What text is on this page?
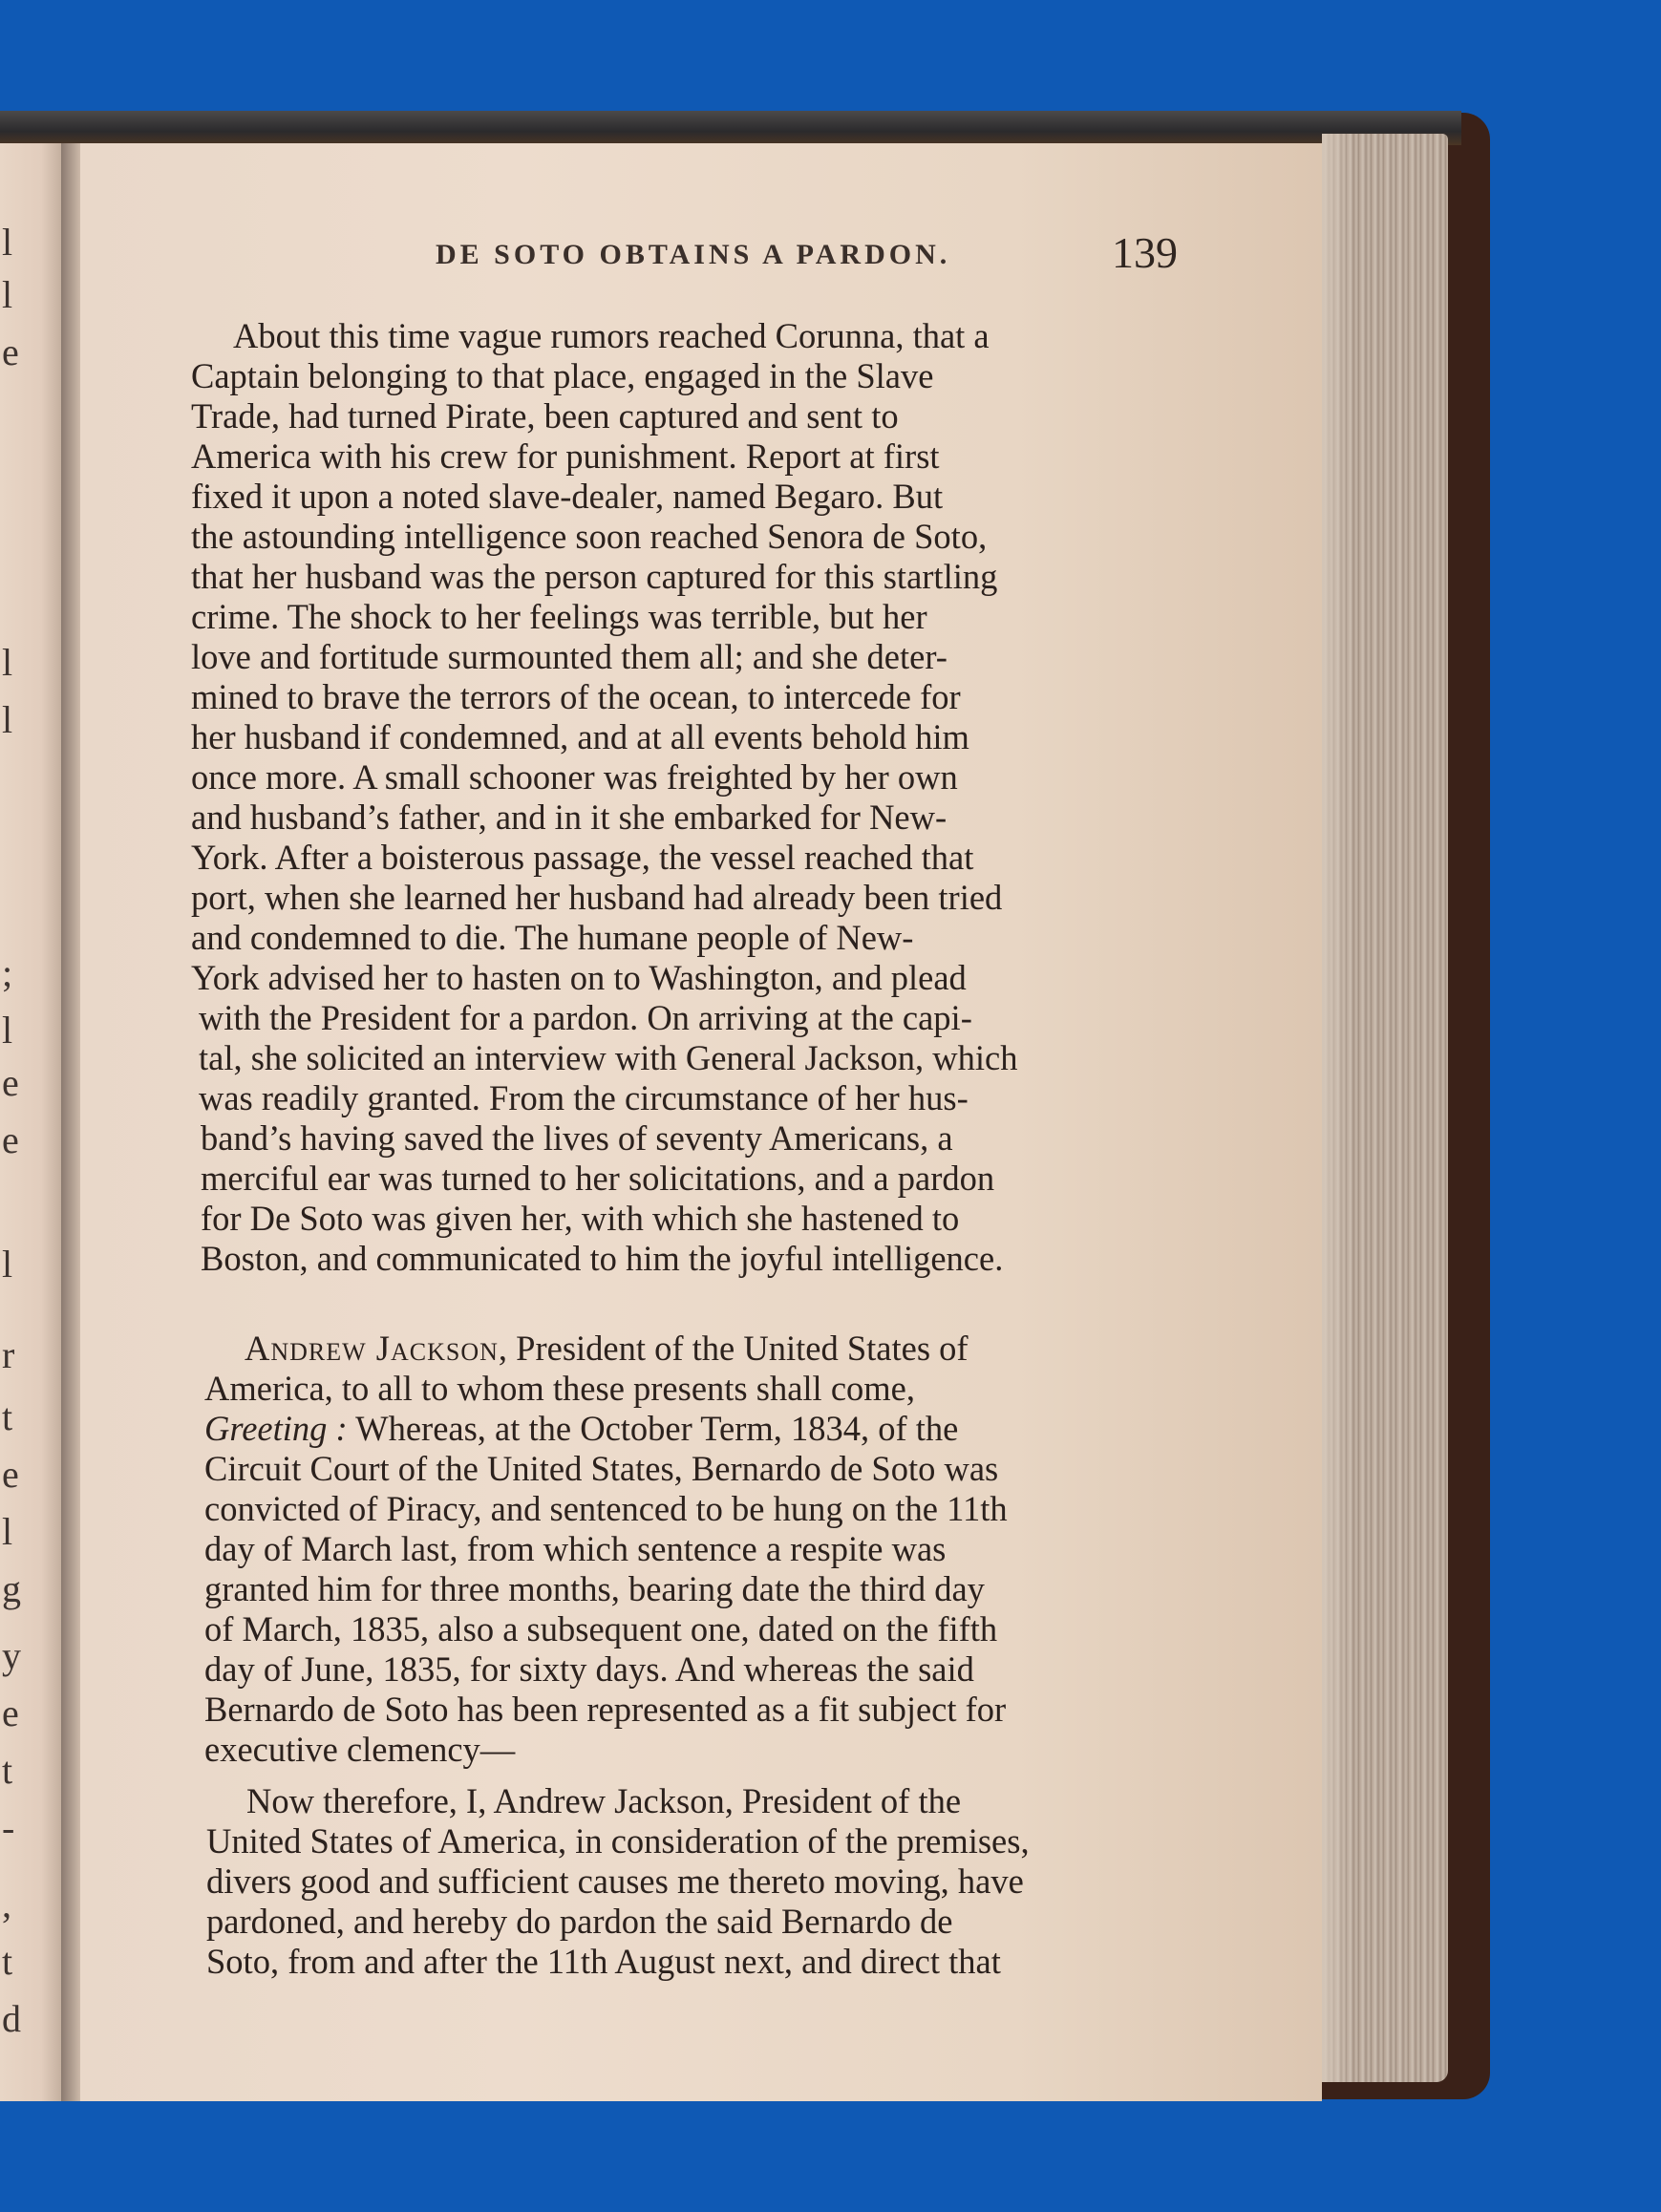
l
l
e
l
l
;
l
e
e
l
r
t
e
l
g
y
e
t
-
,
t
d
DE SOTO OBTAINS A PARDON.	139
About this time vague rumors reached Corunna, that a
Captain belonging to that place, engaged in the Slave
Trade, had turned Pirate, been captured and sent to
America with his crew for punishment. Report at first
fixed it upon a noted slave-dealer, named Begaro. But
the astounding intelligence soon reached Senora de Soto,
that her husband was the person captured for this startling
crime. The shock to her feelings was terrible, but her
love and fortitude surmounted them all; and she deter-
mined to brave the terrors of the ocean, to intercede for
her husband if condemned, and at all events behold him
once more. A small schooner was freighted by her own
and husband’s father, and in it she embarked for New-
York. After a boisterous passage, the vessel reached that
port, when she learned her husband had already been tried
and condemned to die. The humane people of New-
York advised her to hasten on to Washington, and plead
with the President for a pardon. On arriving at the capi-
tal, she solicited an interview with General Jackson, which
was readily granted. From the circumstance of her hus-
band’s having saved the lives of seventy Americans, a
merciful ear was turned to her solicitations, and a pardon
for De Soto was given her, with which she hastened to
Boston, and communicated to him the joyful intelligence.
Andrew Jackson, President of the United States of
America, to all to whom these presents shall come,
Greeting : Whereas, at the October Term, 1834, of the
Circuit Court of the United States, Bernardo de Soto was
convicted of Piracy, and sentenced to be hung on the 11th
day of March last, from which sentence a respite was
granted him for three months, bearing date the third day
of March, 1835, also a subsequent one, dated on the fifth
day of June, 1835, for sixty days. And whereas the said
Bernardo de Soto has been represented as a fit subject for
executive clemency—
Now therefore, I, Andrew Jackson, President of the
United States of America, in consideration of the premises,
divers good and sufficient causes me thereto moving, have
pardoned, and hereby do pardon the said Bernardo de
Soto, from and after the 11th August next, and direct that
